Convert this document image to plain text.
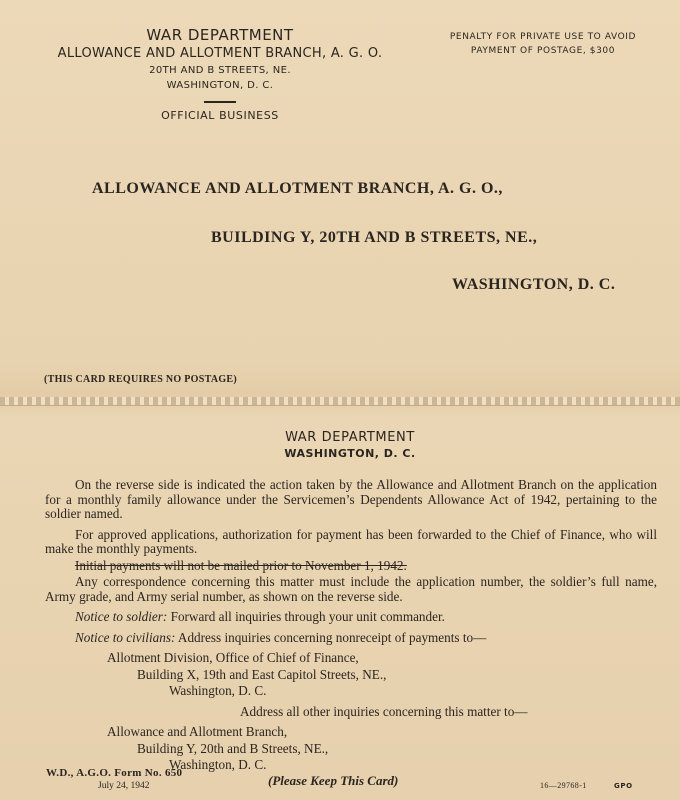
WAR DEPARTMENT
ALLOWANCE AND ALLOTMENT BRANCH, A. G. O.
20TH AND B STREETS, NE.
WASHINGTON, D. C.
OFFICIAL BUSINESS
PENALTY FOR PRIVATE USE TO AVOID
PAYMENT OF POSTAGE, $300
ALLOWANCE AND ALLOTMENT BRANCH, A. G. O.,
BUILDING Y, 20TH AND B STREETS, NE.,
WASHINGTON, D. C.
(THIS CARD REQUIRES NO POSTAGE)
WAR DEPARTMENT
WASHINGTON, D. C.

On the reverse side is indicated the action taken by the Allowance and Allotment Branch on the application for a monthly family allowance under the Servicemen’s Dependents Allowance Act of 1942, pertaining to the soldier named.

For approved applications, authorization for payment has been forwarded to the Chief of Finance, who will make the monthly payments.

Initial payments will not be mailed prior to November 1, 1942.

Any correspondence concerning this matter must include the application number, the soldier’s full name, Army grade, and Army serial number, as shown on the reverse side.

Notice to soldier: Forward all inquiries through your unit commander.

Notice to civilians: Address inquiries concerning nonreceipt of payments to—

Allotment Division, Office of Chief of Finance,

Building X, 19th and East Capitol Streets, NE.,

Washington, D. C.

Address all other inquiries concerning this matter to—

Allowance and Allotment Branch,

Building Y, 20th and B Streets, NE.,

Washington, D. C.

W.D., A.G.O. Form No. 650
July 24, 1942	(Please Keep This Card)	16—29768-1	GPO
